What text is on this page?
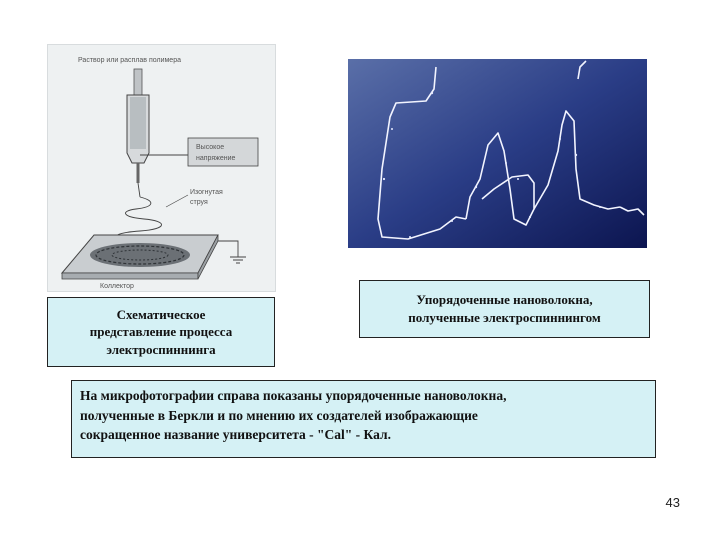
Раствор или расплав полимера
Высокое
напряжение
Изогнутая
струя
Коллектор
Схематическое
представление процесса
электроспиннинга
Упорядоченные нановолокна,
полученные электроспиннингом
На микрофотографии справа показаны упорядоченные нановолокна,
полученные в Беркли и по мнению их создателей изображающие
сокращенное название университета - "Cal" - Кал.
43
